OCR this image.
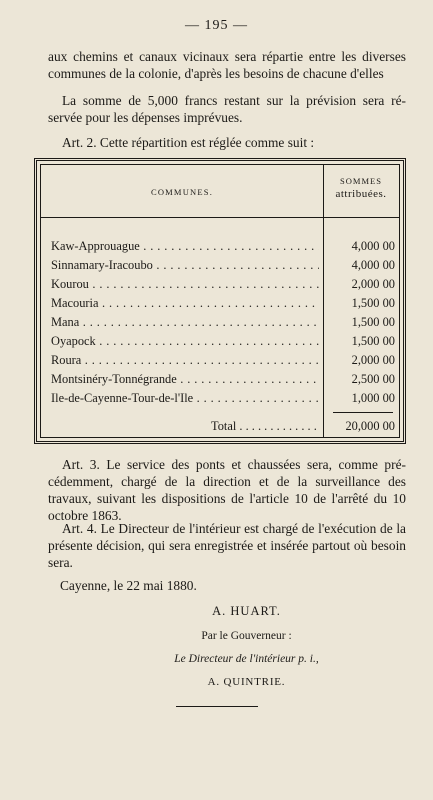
— 195 —
aux chemins et canaux vicinaux sera répartie entre les diverses communes de la colonie, d'après les besoins de chacune d'elles
La somme de 5,000 francs restant sur la prévision sera ré- servée pour les dépenses imprévues.
Art. 2. Cette répartition est réglée comme suit :
COMMUNES.
SOMMES
attribuées.
Kaw-Approuague . . .	4,000 00
Sinnamary-Iracoubo . . .	4,000 00
Kourou . . .	2,000 00
Macouria . . .	1,500 00
Mana . . .	1,500 00
Oyapock . . .	1,500 00
Roura . . .	2,000 00
Montsinéry-Tonnégrande . . .	2,500 00
Ile-de-Cayenne-Tour-de-l'Ile . . .	1,000 00
Total . . .	20,000 00
Art. 3. Le service des ponts et chaussées sera, comme pré- cédemment, chargé de la direction et de la surveillance des travaux, suivant les dispositions de l'article 10 de l'arrêté du 10 octobre 1863.
Art. 4. Le Directeur de l'intérieur est chargé de l'exécution de la présente décision, qui sera enregistrée et insérée partout où besoin sera.
Cayenne, le 22 mai 1880.
A. HUART.
Par le Gouverneur :
Le Directeur de l'intérieur p. i.,
A. QUINTRIE.
